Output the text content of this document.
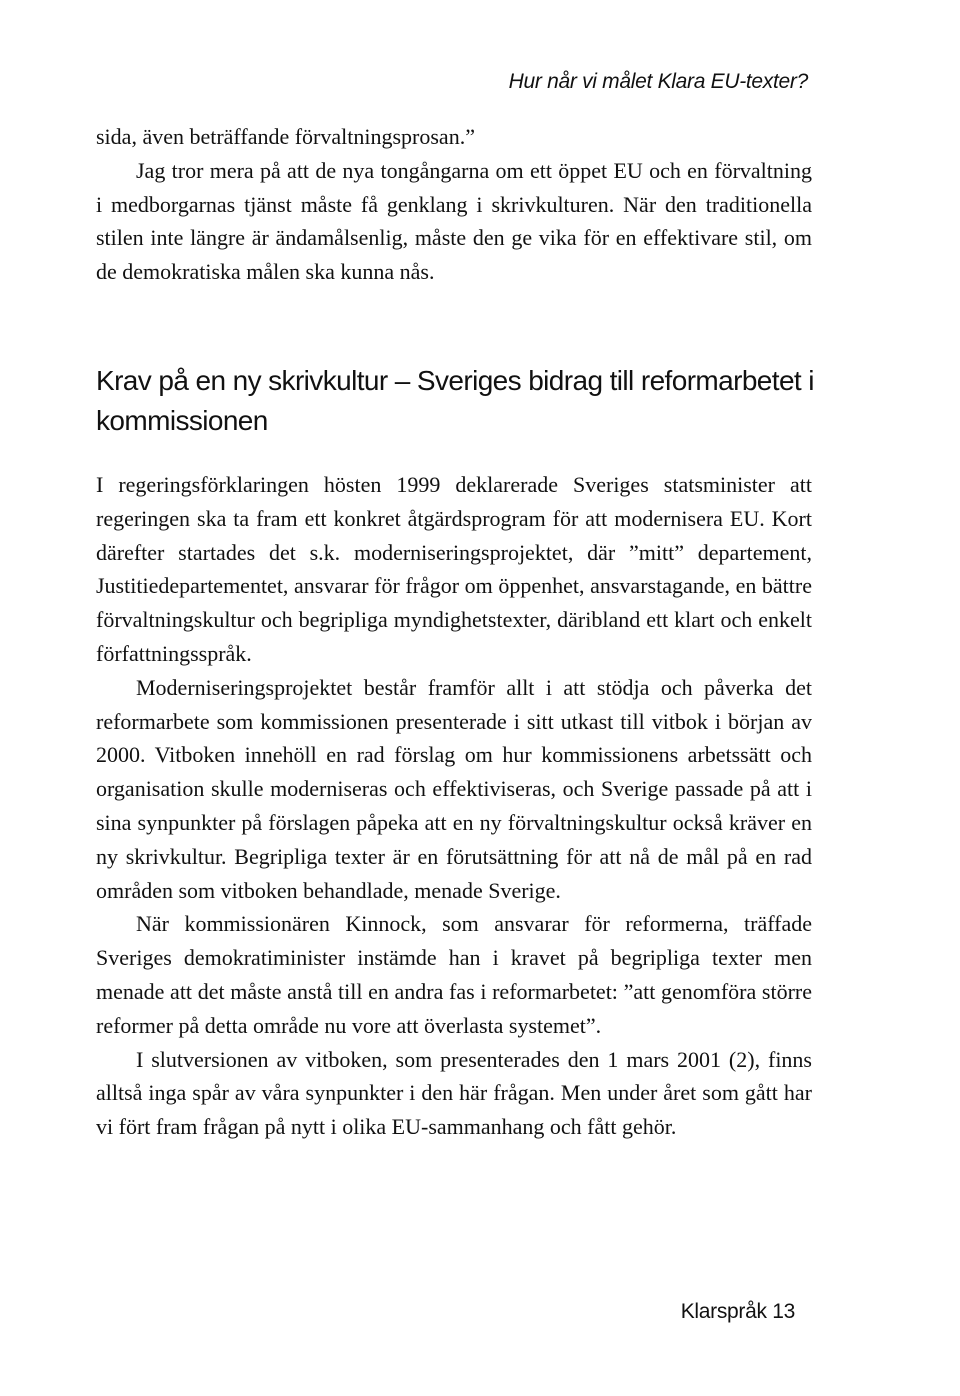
Hur når vi målet Klara EU-texter?

sida, även beträffande förvaltningsprosan.”

Jag tror mera på att de nya tongångarna om ett öppet EU och en förvaltning i medborgarnas tjänst måste få genklang i skrivkulturen. När den traditionella stilen inte längre är ändamålsenlig, måste den ge vika för en effektivare stil, om de demokratiska målen ska kunna nås.

Krav på en ny skrivkultur – Sveriges bidrag till reformarbetet i kommissionen

I regeringsförklaringen hösten 1999 deklarerade Sveriges statsminister att regeringen ska ta fram ett konkret åtgärdsprogram för att modernisera EU. Kort därefter startades det s.k. moderniseringsprojektet, där ”mitt” departement, Justitiedepartementet, ansvarar för frågor om öppenhet, ansvarstagande, en bättre förvaltningskultur och begripliga myndighetstexter, däribland ett klart och enkelt författningsspråk.

Moderniseringsprojektet består framför allt i att stödja och påverka det reformarbete som kommissionen presenterade i sitt utkast till vitbok i början av 2000. Vitboken innehöll en rad förslag om hur kommissionens arbetssätt och organisation skulle moderniseras och effektiviseras, och Sverige passade på att i sina synpunkter på förslagen påpeka att en ny förvaltningskultur också kräver en ny skrivkultur. Begripliga texter är en förutsättning för att nå de mål på en rad områden som vitboken behandlade, menade Sverige.

När kommissionären Kinnock, som ansvarar för reformerna, träffade Sveriges demokratiminister instämde han i kravet på begripliga texter men menade att det måste anstå till en andra fas i reformarbetet: ”att genomföra större reformer på detta område nu vore att överlasta systemet”.

I slutversionen av vitboken, som presenterades den 1 mars 2001 (2), finns alltså inga spår av våra synpunkter i den här frågan. Men under året som gått har vi fört fram frågan på nytt i olika EU-sammanhang och fått gehör.

Klarspråk 13
